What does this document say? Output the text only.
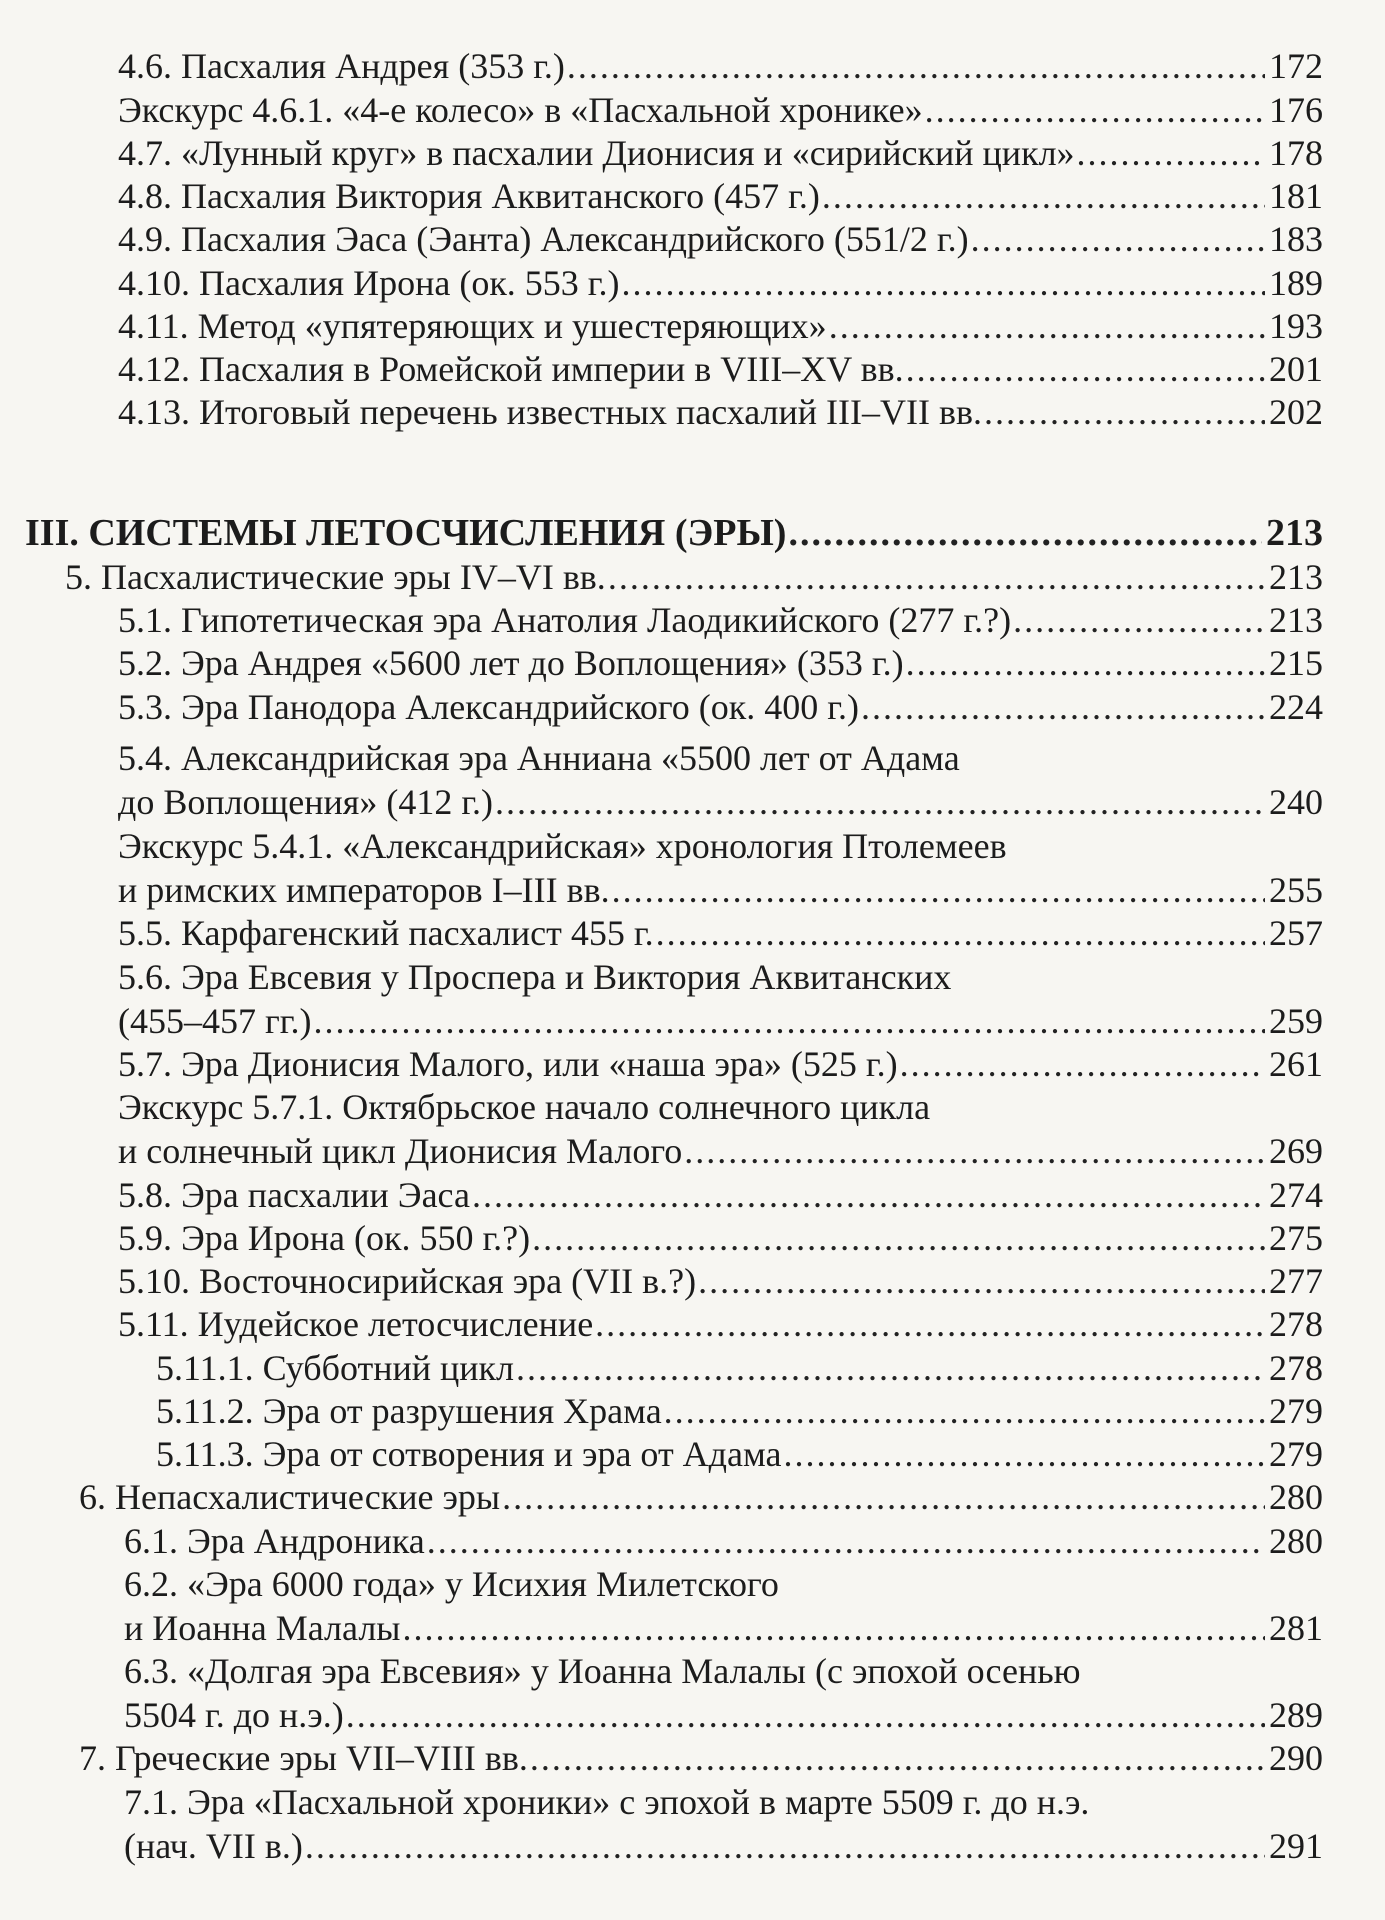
4.6. Пасхалия Андрея (353 г.) .....	172
Экскурс 4.6.1. «4-е колесо» в «Пасхальной хронике» .....	176
4.7. «Лунный круг» в пасхалии Дионисия и «сирийский цикл» .....	178
4.8. Пасхалия Виктория Аквитанского (457 г.) .....	181
4.9. Пасхалия Эаса (Эанта) Александрийского (551/2 г.) .....	183
4.10. Пасхалия Ирона (ок. 553 г.) .....	189
4.11. Метод «упятеряющих и ушестеряющих» .....	193
4.12. Пасхалия в Ромейской империи в VIII–XV вв. .....	201
4.13. Итоговый перечень известных пасхалий III–VII вв. .....	202
III. СИСТЕМЫ ЛЕТОСЧИСЛЕНИЯ (ЭРЫ) .....	213
5. Пасхалистические эры IV–VI вв. .....	213
5.1. Гипотетическая эра Анатолия Лаодикийского (277 г.?) .....	213
5.2. Эра Андрея «5600 лет до Воплощения» (353 г.) .....	215
5.3. Эра Панодора Александрийского (ок. 400 г.) .....	224
5.4. Александрийская эра Анниана «5500 лет от Адама
до Воплощения» (412 г.) .....	240
Экскурс 5.4.1. «Александрийская» хронология Птолемеев
и римских императоров I–III вв. .....	255
5.5. Карфагенский пасхалист 455 г. .....	257
5.6. Эра Евсевия у Проспера и Виктория Аквитанских
(455–457 гг.) .....	259
5.7. Эра Дионисия Малого, или «наша эра» (525 г.) .....	261
Экскурс 5.7.1. Октябрьское начало солнечного цикла
и солнечный цикл Дионисия Малого .....	269
5.8. Эра пасхалии Эаса .....	274
5.9. Эра Ирона (ок. 550 г.?) .....	275
5.10. Восточносирийская эра (VII в.?) .....	277
5.11. Иудейское летосчисление .....	278
5.11.1. Субботний цикл .....	278
5.11.2. Эра от разрушения Храма .....	279
5.11.3. Эра от сотворения и эра от Адама .....	279
6. Непасхалистические эры .....	280
6.1. Эра Андроника .....	280
6.2. «Эра 6000 года» у Исихия Милетского
и Иоанна Малалы .....	281
6.3. «Долгая эра Евсевия» у Иоанна Малалы (с эпохой осенью
5504 г. до н.э.) .....	289
7. Греческие эры VII–VIII вв. .....	290
7.1. Эра «Пасхальной хроники» с эпохой в марте 5509 г. до н.э.
(нач. VII в.) .....	291
